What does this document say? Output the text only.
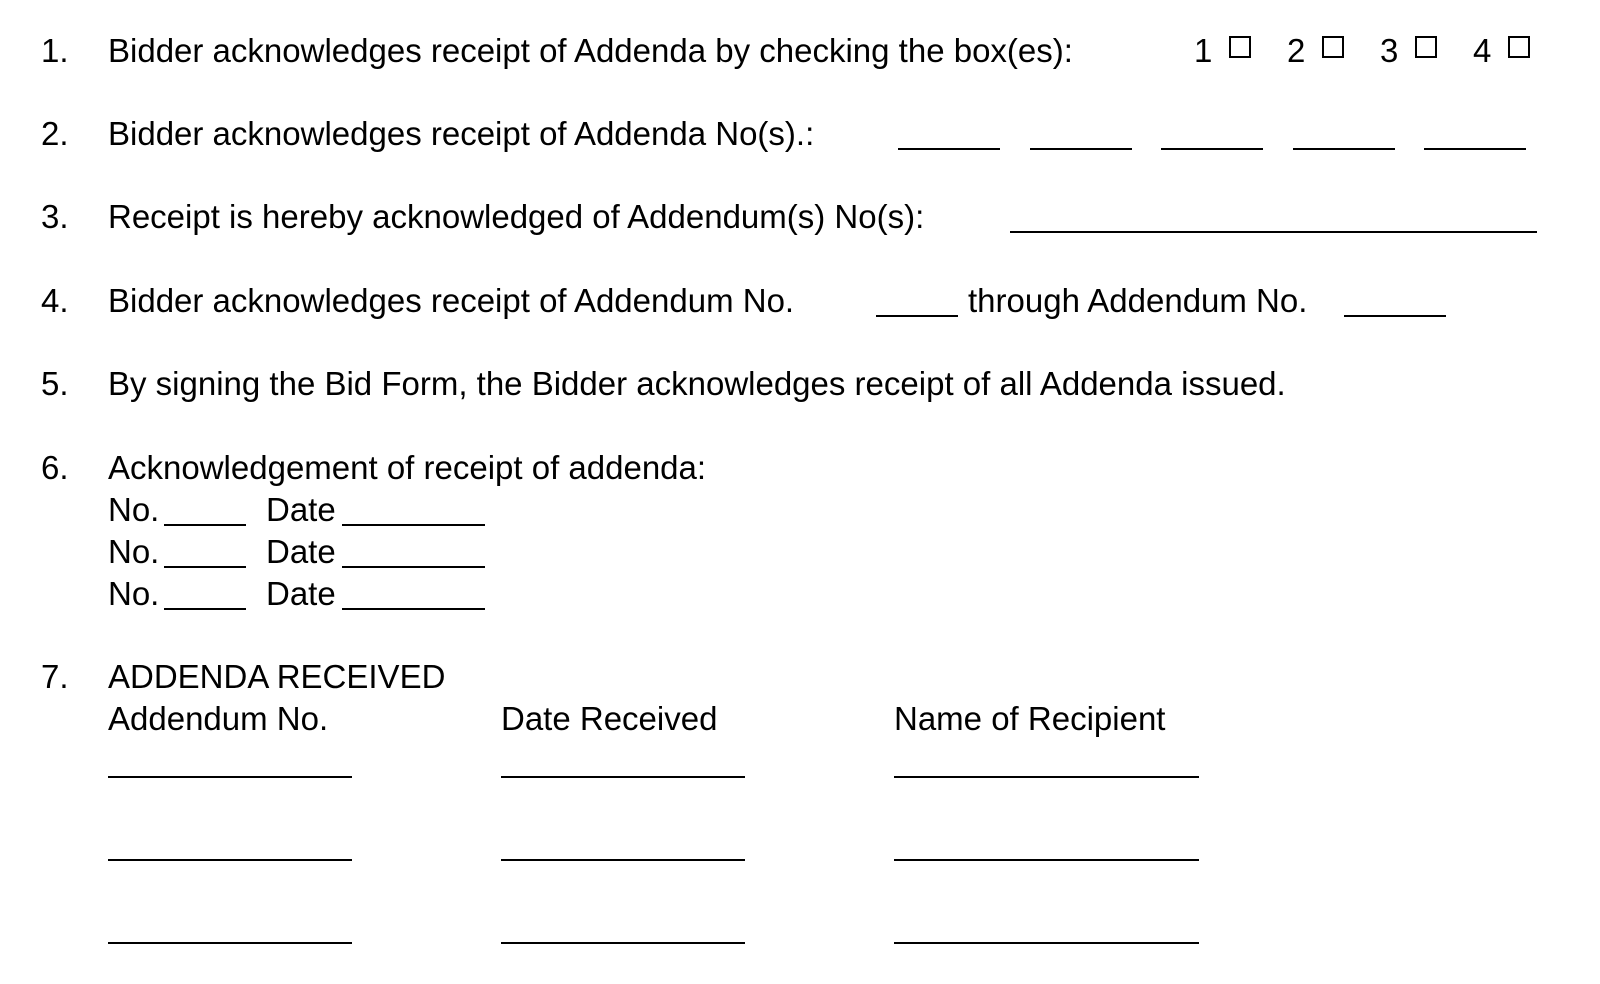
1. Bidder acknowledges receipt of Addenda by checking the box(es):	1 2 3 4
2. Bidder acknowledges receipt of Addenda No(s).:
3. Receipt is hereby acknowledged of Addendum(s) No(s):
4. Bidder acknowledges receipt of Addendum No.	through Addendum No.
5. By signing the Bid Form, the Bidder acknowledges receipt of all Addenda issued.
6. Acknowledgement of receipt of addenda:
No.	Date
No.	Date
No.	Date
7. ADDENDA RECEIVED
Addendum No.	Date Received	Name of Recipient
